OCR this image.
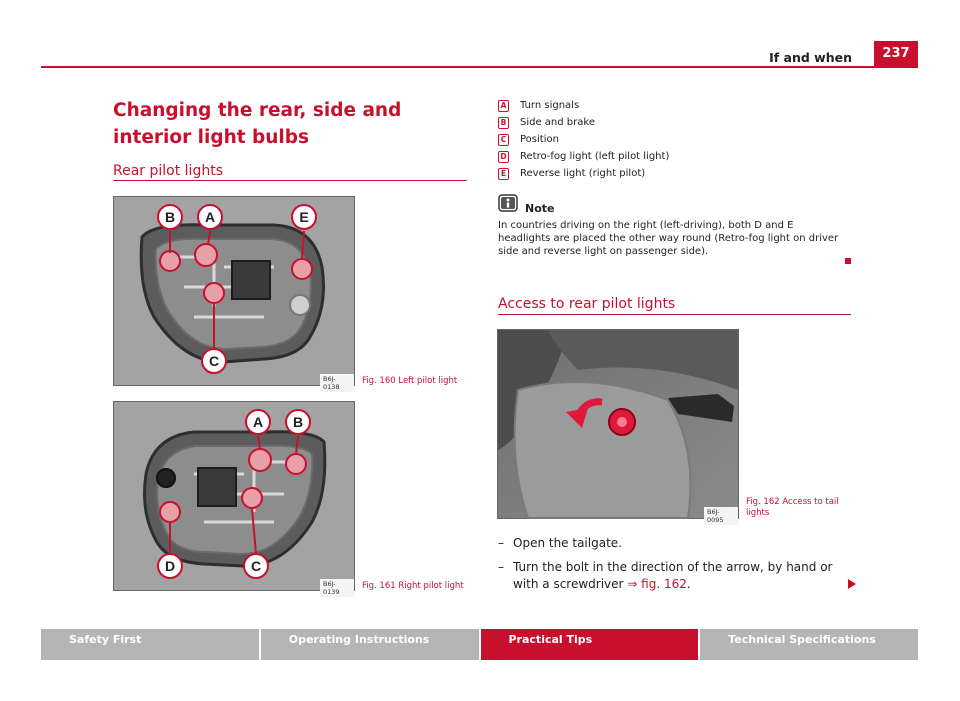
If and when	237
Changing the rear, side and interior light bulbs
Rear pilot lights
B A	E
C
B6J-0138
Fig. 160 Left pilot light
A B
D	C
B6J-0139
Fig. 161 Right pilot light
A Turn signals
B Side and brake
C Position
D Retro-fog light (left pilot light)
E Reverse light (right pilot)
Note
In countries driving on the right (left-driving), both D and E headlights are placed the other way round (Retro-fog light on driver side and reverse light on passenger side).
Access to rear pilot lights
B6J-0095
Fig. 162 Access to tail
lights
– Open the tailgate.
– Turn the bolt in the direction of the arrow, by hand or with a screwdriver ⇒ fig. 162.
Safety First	Operating Instructions	Practical Tips	Technical Specifications
